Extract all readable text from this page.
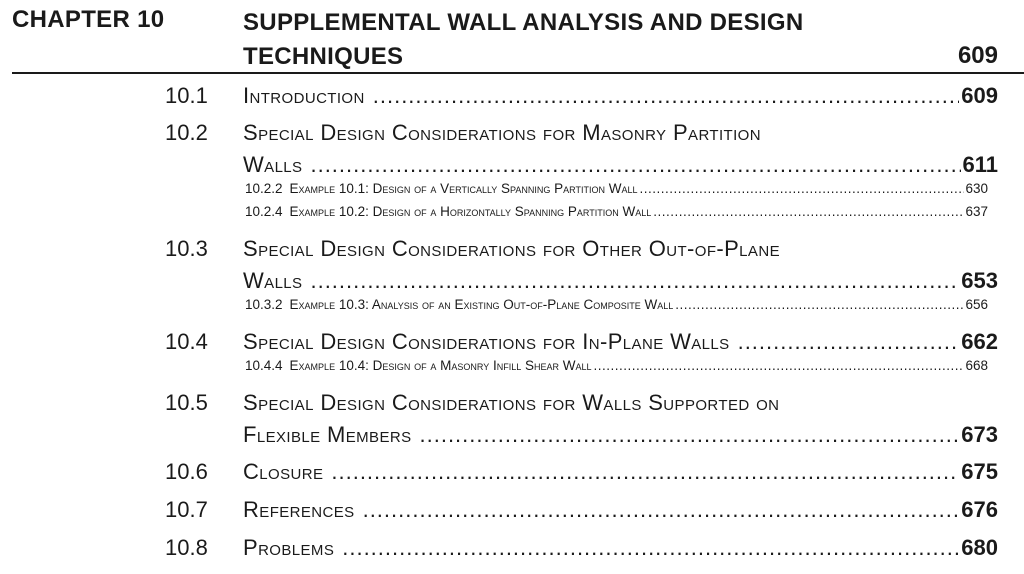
CHAPTER 10	SUPPLEMENTAL WALL ANALYSIS AND DESIGN
TECHNIQUES	609
10.1 Introduction .....	609
10.2 Special Design Considerations for Masonry Partition
Walls .....	611
10.2.2 Example 10.1: Design of a Vertically Spanning Partition Wall .....	630
10.2.4 Example 10.2: Design of a Horizontally Spanning Partition Wall .....	637
10.3 Special Design Considerations for Other Out-of-Plane
Walls .....	653
10.3.2 Example 10.3: Analysis of an Existing Out-of-Plane Composite Wall .....	656
10.4 Special Design Considerations for In-Plane Walls .....	662
10.4.4 Example 10.4: Design of a Masonry Infill Shear Wall .....	668
10.5 Special Design Considerations for Walls Supported on
Flexible Members .....	673
10.6 Closure .....	675
10.7 References .....	676
10.8 Problems .....	680
